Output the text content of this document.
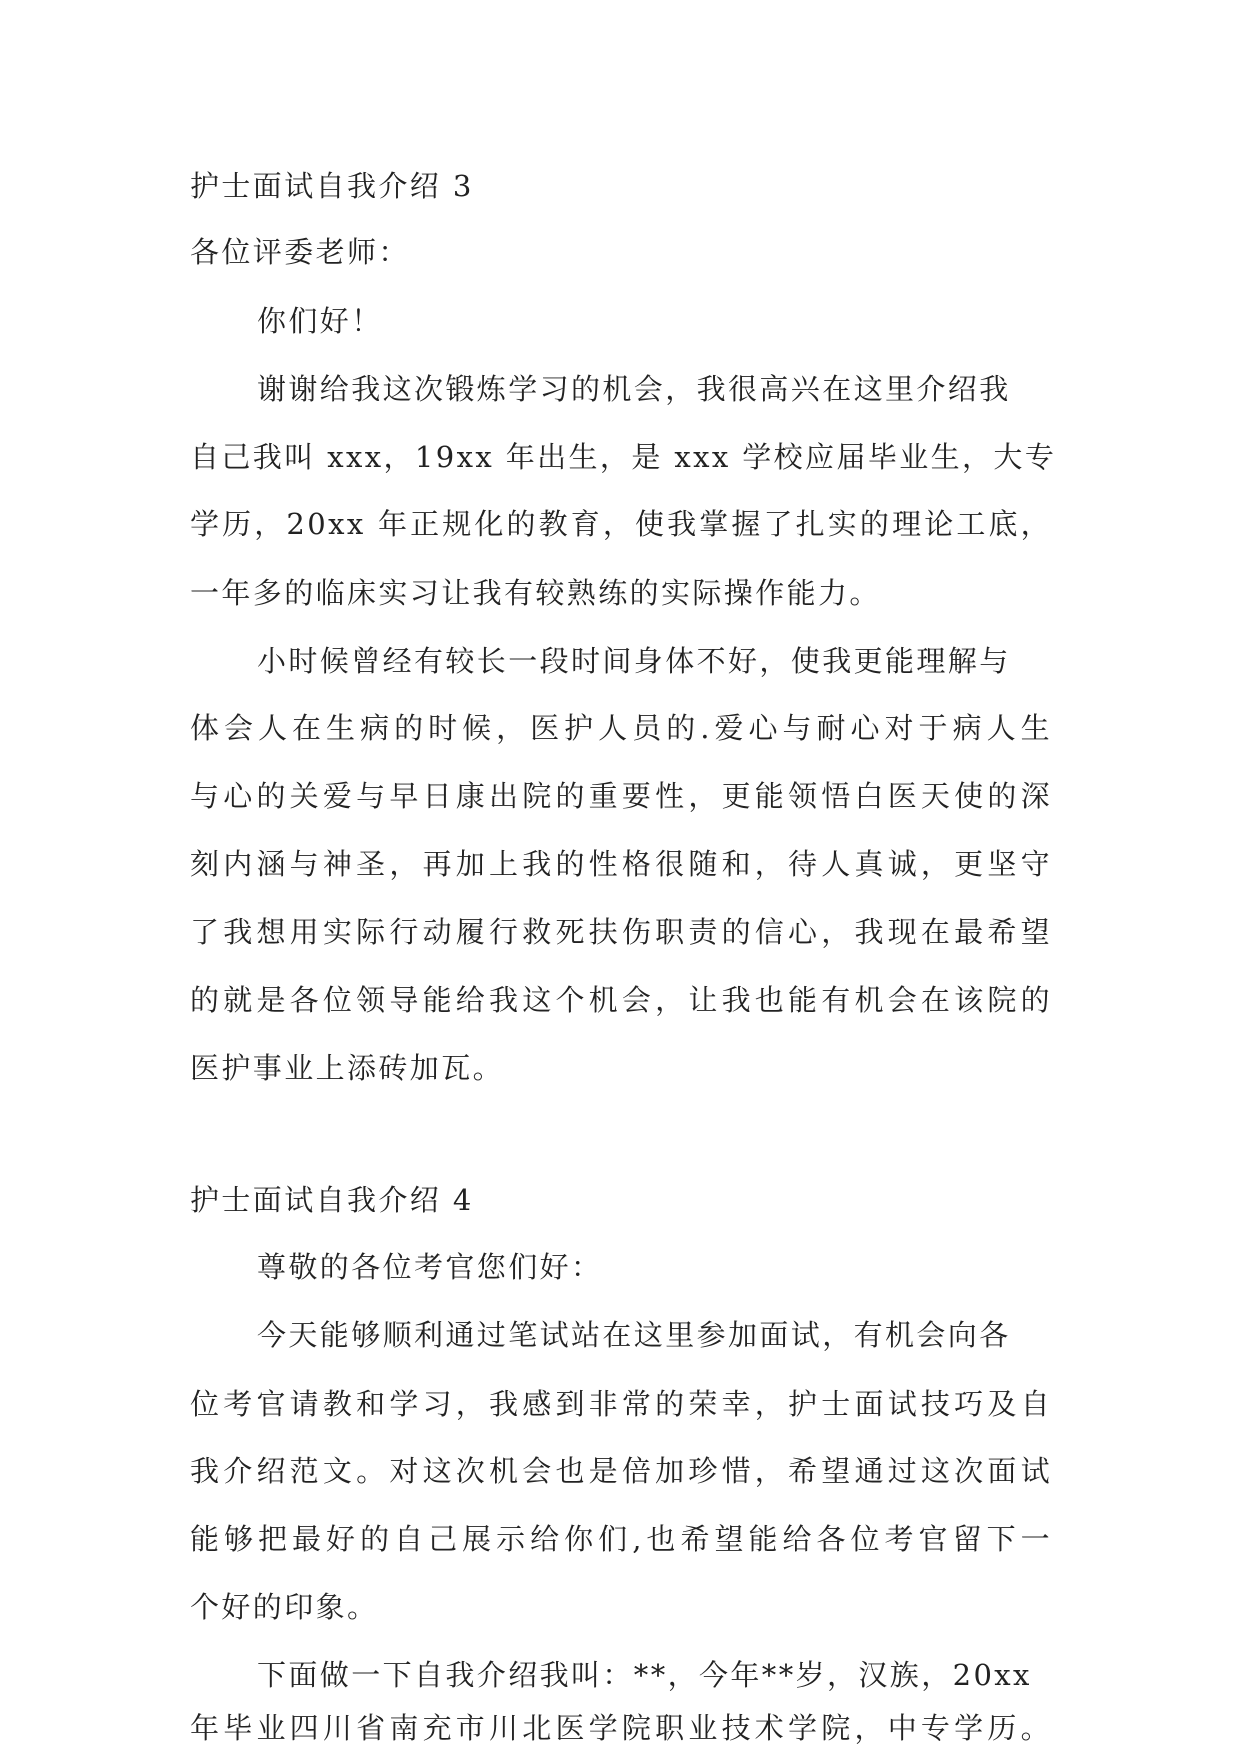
护士面试自我介绍 3
各位评委老师：
你们好！
谢谢给我这次锻炼学习的机会，我很高兴在这里介绍我
自己我叫 xxx，19xx 年出生，是 xxx 学校应届毕业生，大专
学历，20xx 年正规化的教育，使我掌握了扎实的理论工底，
一年多的临床实习让我有较熟练的实际操作能力。
小时候曾经有较长一段时间身体不好，使我更能理解与
体会人在生病的时候，医护人员的.爱心与耐心对于病人生
与心的关爱与早日康出院的重要性，更能领悟白医天使的深
刻内涵与神圣，再加上我的性格很随和，待人真诚，更坚守
了我想用实际行动履行救死扶伤职责的信心，我现在最希望
的就是各位领导能给我这个机会，让我也能有机会在该院的
医护事业上添砖加瓦。
护士面试自我介绍 4
尊敬的各位考官您们好：
今天能够顺利通过笔试站在这里参加面试，有机会向各
位考官请教和学习，我感到非常的荣幸，护士面试技巧及自
我介绍范文。对这次机会也是倍加珍惜，希望通过这次面试
能够把最好的自己展示给你们,也希望能给各位考官留下一
个好的印象。
下面做一下自我介绍我叫：**，今年**岁，汉族，20xx
年毕业四川省南充市川北医学院职业技术学院，中专学历。
